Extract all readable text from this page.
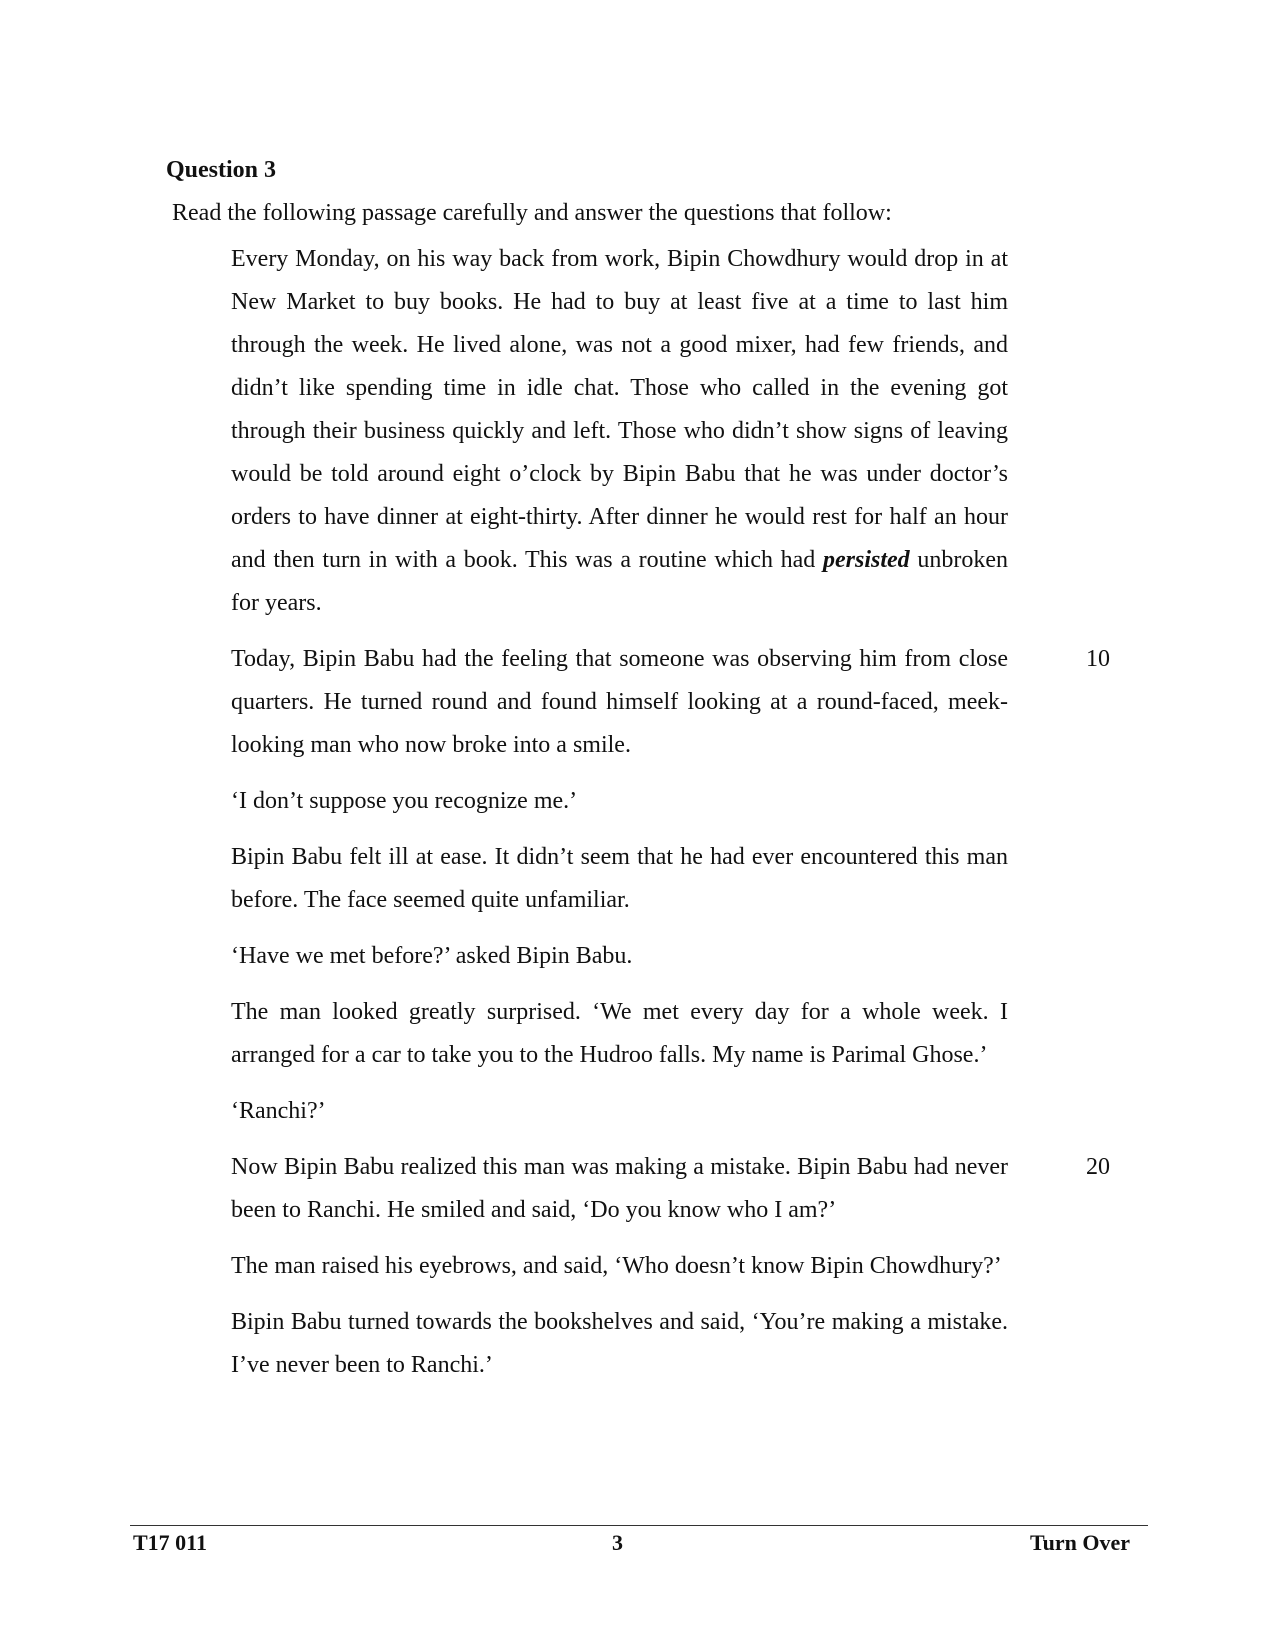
Question 3

Read the following passage carefully and answer the questions that follow:

Every Monday, on his way back from work, Bipin Chowdhury would drop in at New Market to buy books. He had to buy at least five at a time to last him through the week. He lived alone, was not a good mixer, had few friends, and didn’t like spending time in idle chat. Those who called in the evening got through their business quickly and left. Those who didn’t show signs of leaving would be told around eight o’clock by Bipin Babu that he was under doctor’s orders to have dinner at eight-thirty. After dinner he would rest for half an hour and then turn in with a book. This was a routine which had persisted unbroken for years.

Today, Bipin Babu had the feeling that someone was observing him from close quarters. He turned round and found himself looking at a round-faced, meek-looking man who now broke into a smile.
10

‘I don’t suppose you recognize me.’

Bipin Babu felt ill at ease. It didn’t seem that he had ever encountered this man before. The face seemed quite unfamiliar.

‘Have we met before?’ asked Bipin Babu.

The man looked greatly surprised. ‘We met every day for a whole week. I arranged for a car to take you to the Hudroo falls. My name is Parimal Ghose.’

‘Ranchi?’

Now Bipin Babu realized this man was making a mistake. Bipin Babu had never been to Ranchi. He smiled and said, ‘Do you know who I am?’
20

The man raised his eyebrows, and said, ‘Who doesn’t know Bipin Chowdhury?’

Bipin Babu turned towards the bookshelves and said, ‘You’re making a mistake. I’ve never been to Ranchi.’

T17 011	3	Turn Over
